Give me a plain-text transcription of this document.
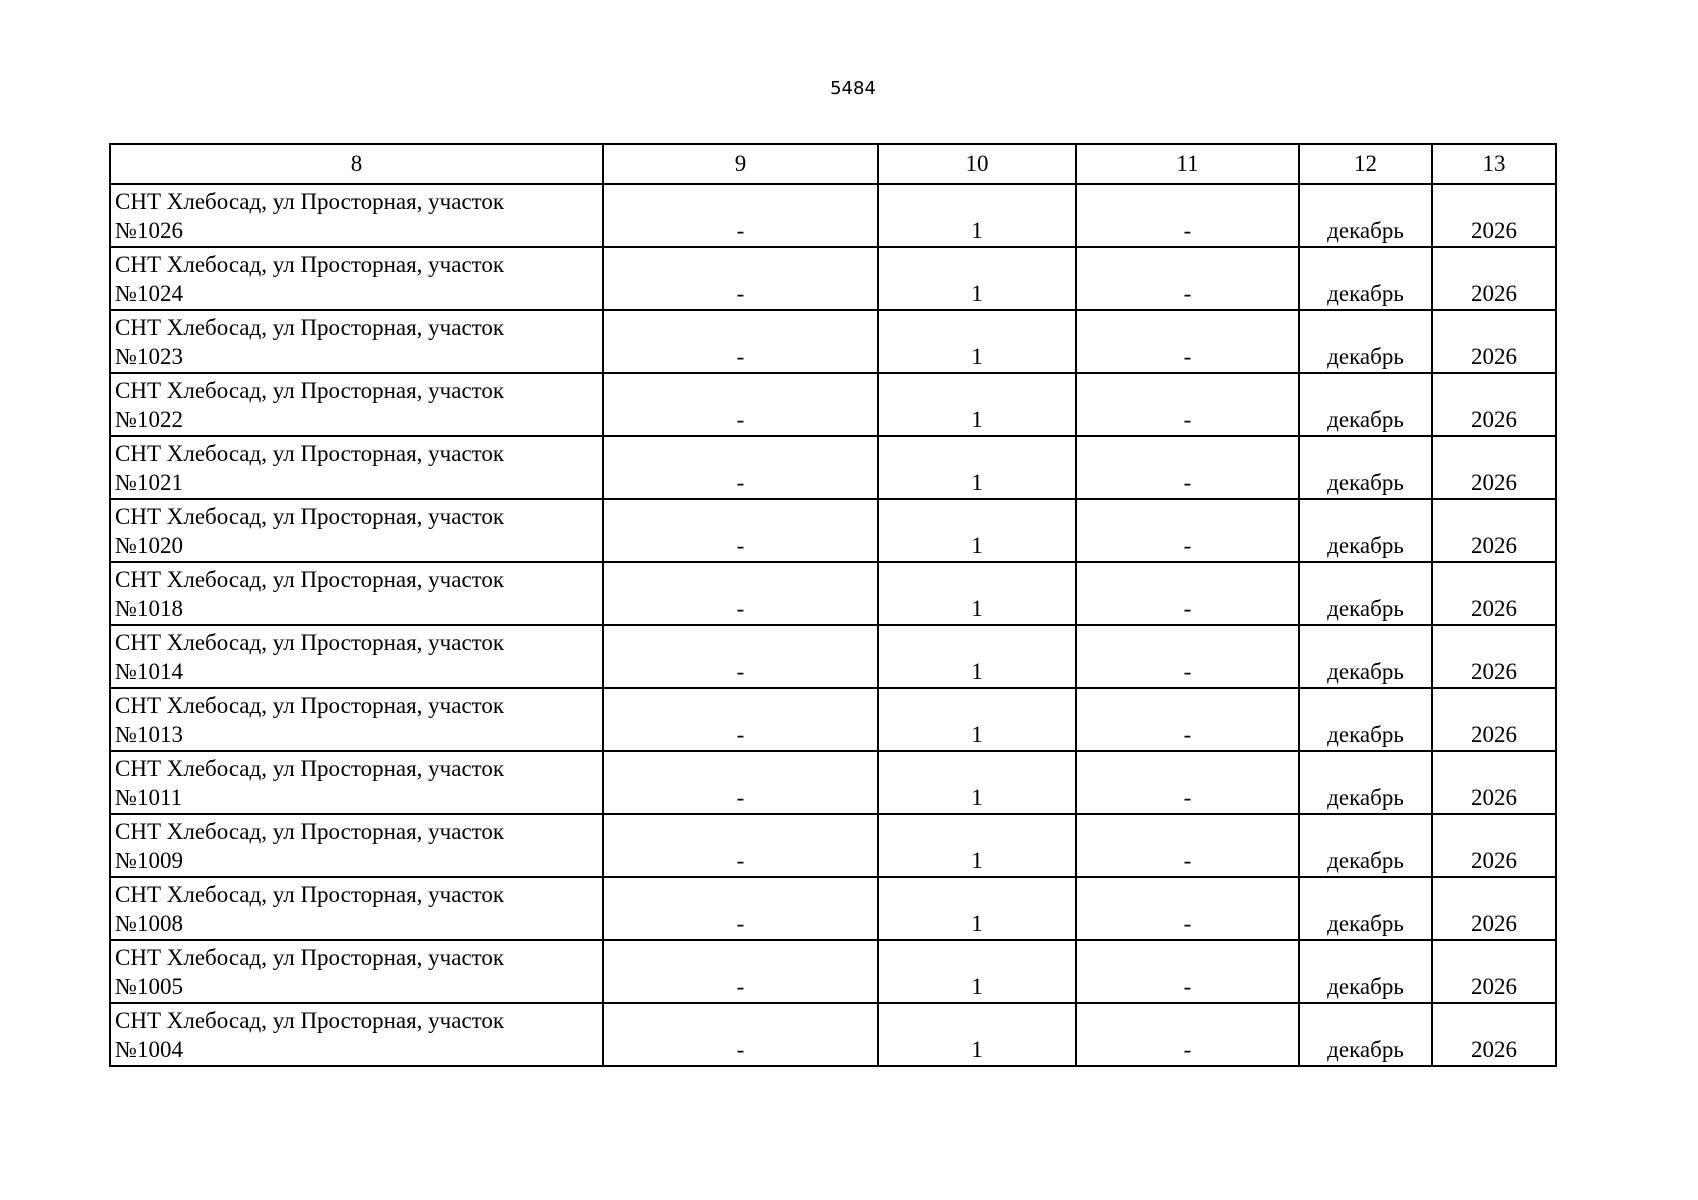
5484
8	9	10	11	12	13

СНТ Хлебосад, ул Просторная, участок
№1026	-	1	-	декабрь	2026

СНТ Хлебосад, ул Просторная, участок
№1024	-	1	-	декабрь	2026

СНТ Хлебосад, ул Просторная, участок
№1023	-	1	-	декабрь	2026

СНТ Хлебосад, ул Просторная, участок
№1022	-	1	-	декабрь	2026

СНТ Хлебосад, ул Просторная, участок
№1021	-	1	-	декабрь	2026

СНТ Хлебосад, ул Просторная, участок
№1020	-	1	-	декабрь	2026

СНТ Хлебосад, ул Просторная, участок
№1018	-	1	-	декабрь	2026

СНТ Хлебосад, ул Просторная, участок
№1014	-	1	-	декабрь	2026

СНТ Хлебосад, ул Просторная, участок
№1013	-	1	-	декабрь	2026

СНТ Хлебосад, ул Просторная, участок
№1011	-	1	-	декабрь	2026

СНТ Хлебосад, ул Просторная, участок
№1009	-	1	-	декабрь	2026

СНТ Хлебосад, ул Просторная, участок
№1008	-	1	-	декабрь	2026

СНТ Хлебосад, ул Просторная, участок
№1005	-	1	-	декабрь	2026

СНТ Хлебосад, ул Просторная, участок
№1004	-	1	-	декабрь	2026
